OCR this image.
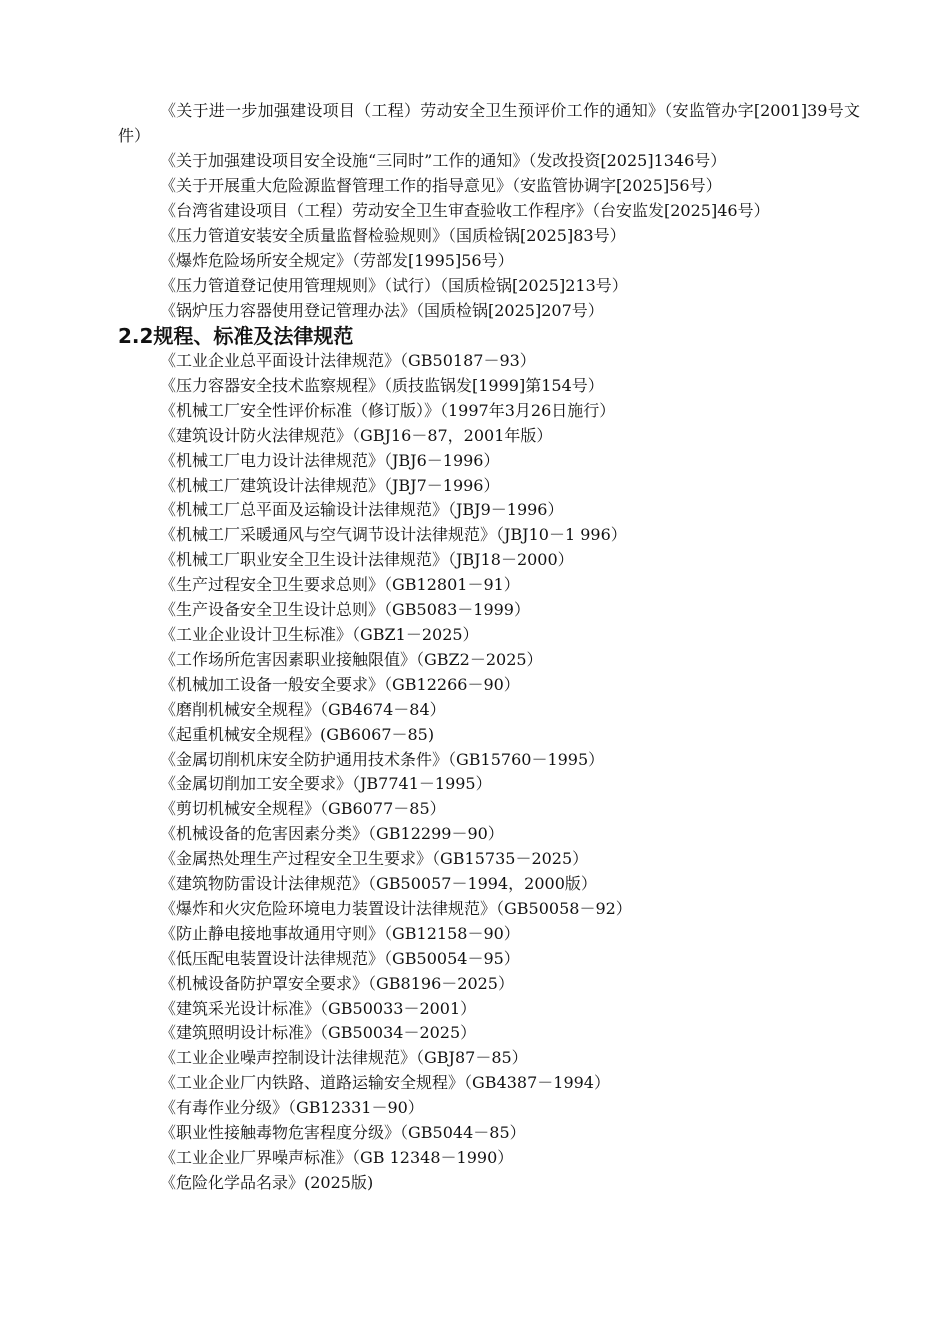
《关于进一步加强建设项目（工程）劳动安全卫生预评价工作的通知》（安监管办字[2001]39号文件）

《关于加强建设项目安全设施“三同时”工作的通知》（发改投资[2025]1346号）

《关于开展重大危险源监督管理工作的指导意见》（安监管协调字[2025]56号）

《台湾省建设项目（工程）劳动安全卫生审查验收工作程序》（台安监发[2025]46号）

《压力管道安装安全质量监督检验规则》（国质检锅[2025]83号）

《爆炸危险场所安全规定》（劳部发[1995]56号）

《压力管道登记使用管理规则》（试行）（国质检锅[2025]213号）

《锅炉压力容器使用登记管理办法》（国质检锅[2025]207号）

2.2规程、标准及法律规范

《工业企业总平面设计法律规范》（GB50187－93）

《压力容器安全技术监察规程》（质技监锅发[1999]第154号）

《机械工厂安全性评价标准（修订版）》（1997年3月26日施行）

《建筑设计防火法律规范》（GBJ16－87，2001年版）

《机械工厂电力设计法律规范》（JBJ6－1996）

《机械工厂建筑设计法律规范》（JBJ7－1996）

《机械工厂总平面及运输设计法律规范》（JBJ9－1996）

《机械工厂采暖通风与空气调节设计法律规范》（JBJ10－1 996）

《机械工厂职业安全卫生设计法律规范》（JBJ18－2000）

《生产过程安全卫生要求总则》（GB12801－91）

《生产设备安全卫生设计总则》（GB5083－1999）

《工业企业设计卫生标准》（GBZ1－2025）

《工作场所危害因素职业接触限值》（GBZ2－2025）

《机械加工设备一般安全要求》（GB12266－90）

《磨削机械安全规程》（GB4674－84）

《起重机械安全规程》(GB6067－85)

《金属切削机床安全防护通用技术条件》（GB15760－1995）

《金属切削加工安全要求》（JB7741－1995）

《剪切机械安全规程》（GB6077－85）

《机械设备的危害因素分类》（GB12299－90）

《金属热处理生产过程安全卫生要求》（GB15735－2025）

《建筑物防雷设计法律规范》（GB50057－1994，2000版）

《爆炸和火灾危险环境电力装置设计法律规范》（GB50058－92）

《防止静电接地事故通用守则》（GB12158－90）

《低压配电装置设计法律规范》（GB50054－95）

《机械设备防护罩安全要求》（GB8196－2025）

《建筑采光设计标准》（GB50033－2001）

《建筑照明设计标准》（GB50034－2025）

《工业企业噪声控制设计法律规范》（GBJ87－85）

《工业企业厂内铁路、道路运输安全规程》（GB4387－1994）

《有毒作业分级》（GB12331－90）

《职业性接触毒物危害程度分级》（GB5044－85）

《工业企业厂界噪声标准》（GB 12348－1990）

《危险化学品名录》(2025版)
